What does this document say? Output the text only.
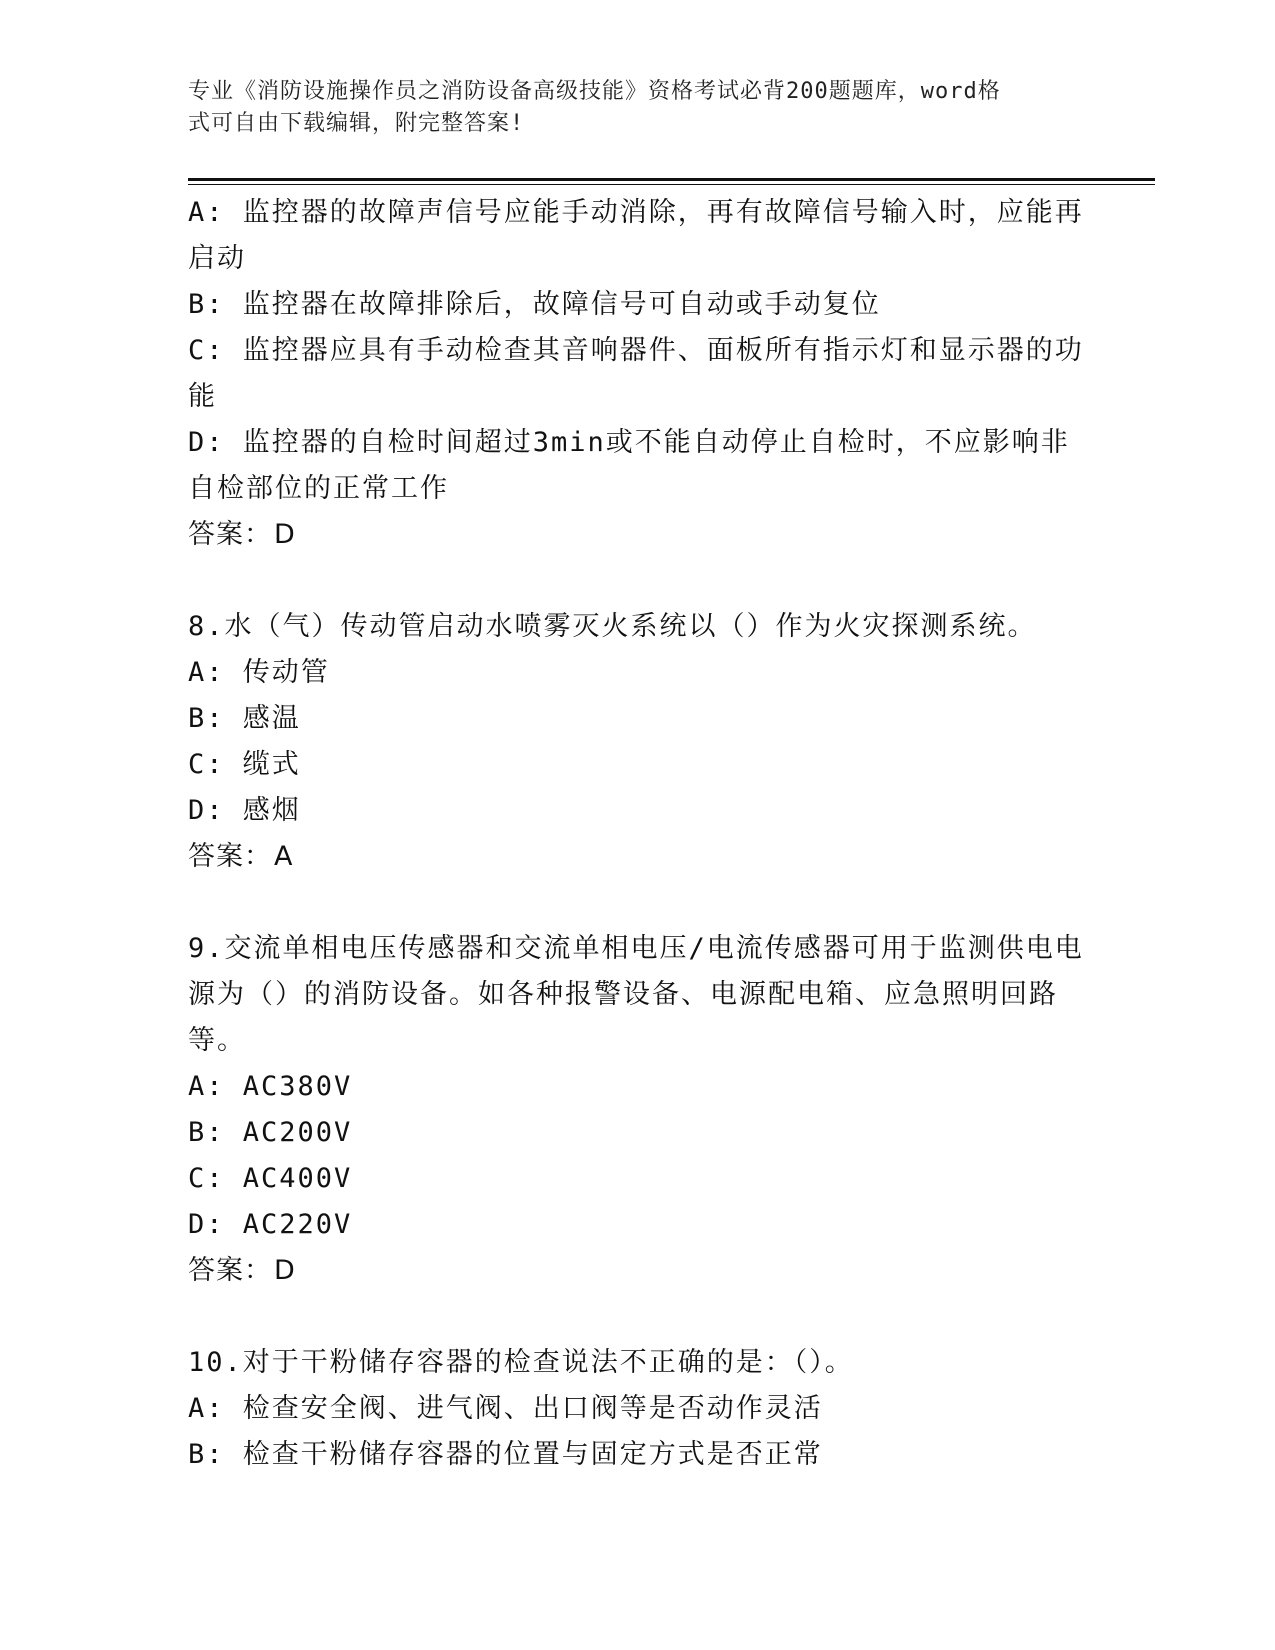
专业《消防设施操作员之消防设备高级技能》资格考试必背200题题库，word格
式可自由下载编辑，附完整答案!

A: 监控器的故障声信号应能手动消除，再有故障信号输入时，应能再

启动

B: 监控器在故障排除后，故障信号可自动或手动复位

C: 监控器应具有手动检查其音响器件、面板所有指示灯和显示器的功

能

D: 监控器的自检时间超过3min或不能自动停止自检时，不应影响非

自检部位的正常工作

答案：D

8.水（气）传动管启动水喷雾灭火系统以（）作为火灾探测系统。

A: 传动管

B: 感温

C: 缆式

D: 感烟

答案：A

9.交流单相电压传感器和交流单相电压/电流传感器可用于监测供电电

源为（）的消防设备。如各种报警设备、电源配电箱、应急照明回路

等。

A: AC380V

B: AC200V

C: AC400V

D: AC220V

答案：D

10.对于干粉储存容器的检查说法不正确的是：（）。

A: 检查安全阀、进气阀、出口阀等是否动作灵活

B: 检查干粉储存容器的位置与固定方式是否正常
